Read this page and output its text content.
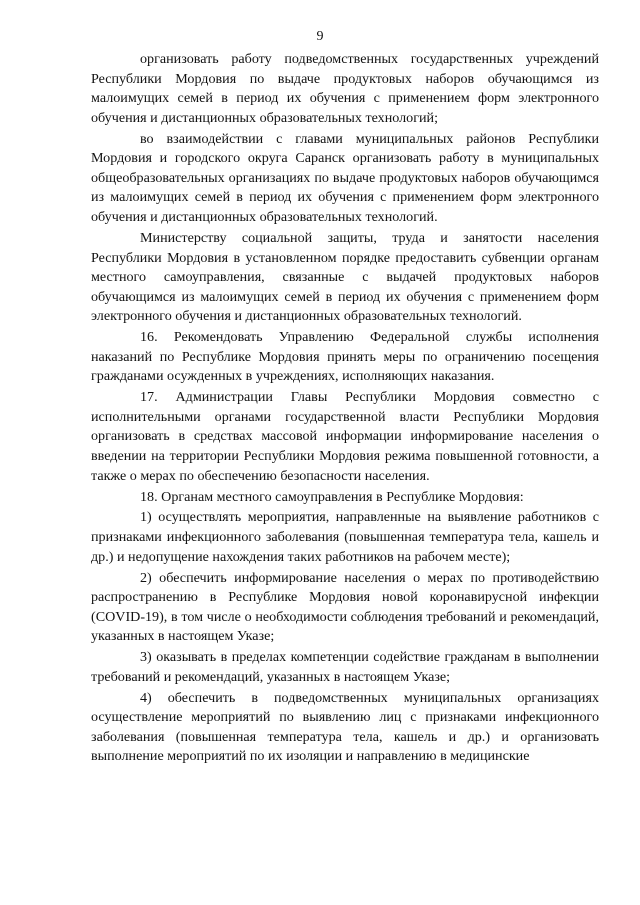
9

организовать работу подведомственных государственных учреждений Республики Мордовия по выдаче продуктовых наборов обучающимся из малоимущих семей в период их обучения с применением форм электронного обучения и дистанционных образовательных технологий;

во взаимодействии с главами муниципальных районов Республики Мордовия и городского округа Саранск организовать работу в муниципальных общеобразовательных организациях по выдаче продуктовых наборов обучающимся из малоимущих семей в период их обучения с применением форм электронного обучения и дистанционных образовательных технологий.

Министерству социальной защиты, труда и занятости населения Республики Мордовия в установленном порядке предоставить субвенции органам местного самоуправления, связанные с выдачей продуктовых наборов обучающимся из малоимущих семей в период их обучения с применением форм электронного обучения и дистанционных образовательных технологий.

16. Рекомендовать Управлению Федеральной службы исполнения наказаний по Республике Мордовия принять меры по ограничению посещения гражданами осужденных в учреждениях, исполняющих наказания.

17. Администрации Главы Республики Мордовия совместно с исполнительными органами государственной власти Республики Мордовия организовать в средствах массовой информации информирование населения о введении на территории Республики Мордовия режима повышенной готовности, а также о мерах по обеспечению безопасности населения.

18. Органам местного самоуправления в Республике Мордовия:

1) осуществлять мероприятия, направленные на выявление работников с признаками инфекционного заболевания (повышенная температура тела, кашель и др.) и недопущение нахождения таких работников на рабочем месте);

2) обеспечить информирование населения о мерах по противодействию распространению в Республике Мордовия новой коронавирусной инфекции (COVID-19), в том числе о необходимости соблюдения требований и рекомендаций, указанных в настоящем Указе;

3) оказывать в пределах компетенции содействие гражданам в выполнении требований и рекомендаций, указанных в настоящем Указе;

4) обеспечить в подведомственных муниципальных организациях осуществление мероприятий по выявлению лиц с признаками инфекционного заболевания (повышенная температура тела, кашель и др.) и организовать выполнение мероприятий по их изоляции и направлению в медицинские
